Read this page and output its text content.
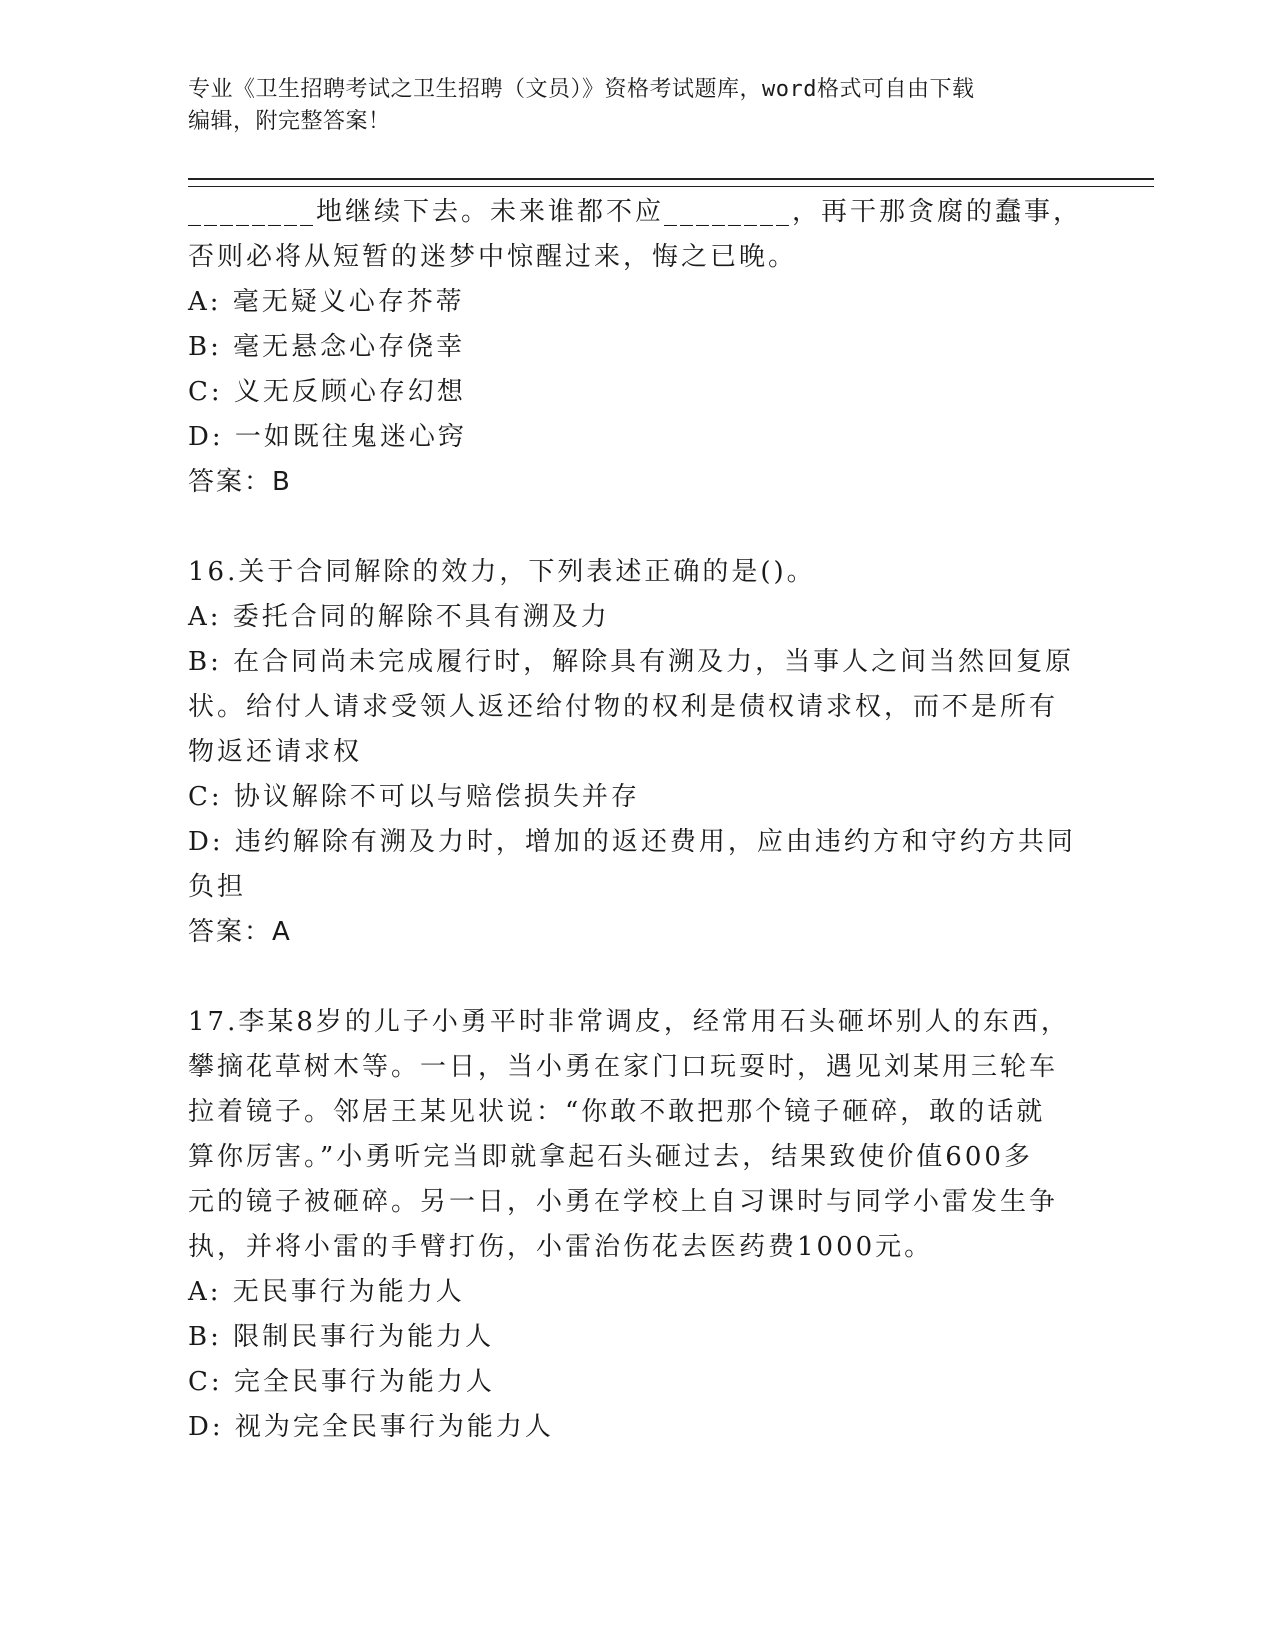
专业《卫生招聘考试之卫生招聘（文员）》资格考试题库，word格式可自由下载
编辑，附完整答案！
________地继续下去。未来谁都不应________，再干那贪腐的蠢事，
否则必将从短暂的迷梦中惊醒过来，悔之已晚。
A: 毫无疑义心存芥蒂
B: 毫无悬念心存侥幸
C: 义无反顾心存幻想
D: 一如既往鬼迷心窍
答案：B
16.关于合同解除的效力，下列表述正确的是()。
A: 委托合同的解除不具有溯及力
B: 在合同尚未完成履行时，解除具有溯及力，当事人之间当然回复原
状。给付人请求受领人返还给付物的权利是债权请求权，而不是所有
物返还请求权
C: 协议解除不可以与赔偿损失并存
D: 违约解除有溯及力时，增加的返还费用，应由违约方和守约方共同
负担
答案：A
17.李某8岁的儿子小勇平时非常调皮，经常用石头砸坏别人的东西，
攀摘花草树木等。一日，当小勇在家门口玩耍时，遇见刘某用三轮车
拉着镜子。邻居王某见状说：“你敢不敢把那个镜子砸碎，敢的话就
算你厉害。”小勇听完当即就拿起石头砸过去，结果致使价值600多
元的镜子被砸碎。另一日，小勇在学校上自习课时与同学小雷发生争
执，并将小雷的手臂打伤，小雷治伤花去医药费1000元。
A: 无民事行为能力人
B: 限制民事行为能力人
C: 完全民事行为能力人
D: 视为完全民事行为能力人
